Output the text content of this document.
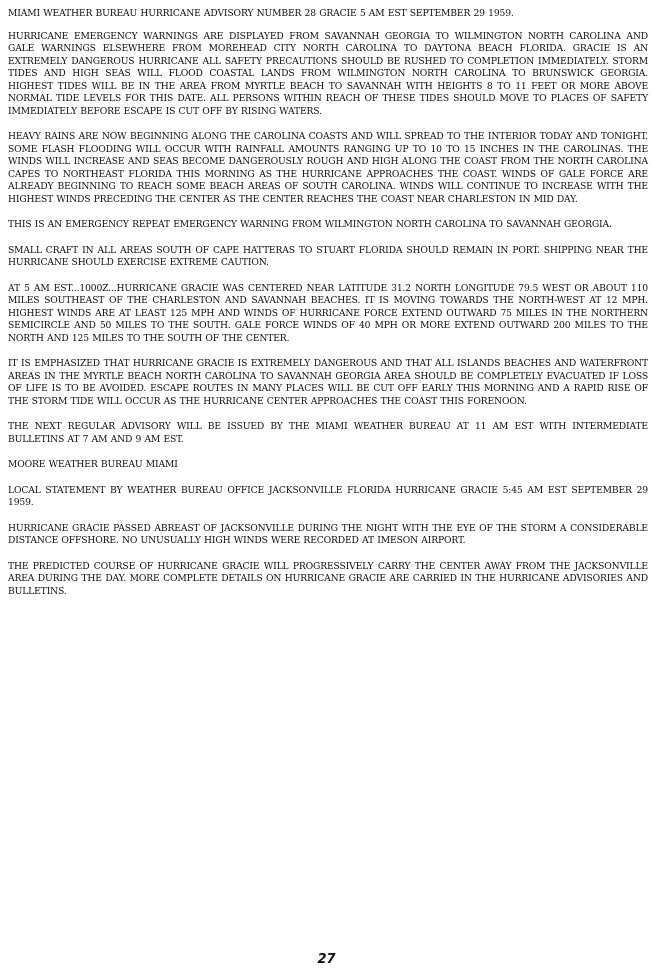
MIAMI WEATHER BUREAU HURRICANE ADVISORY NUMBER 28 GRACIE 5 AM EST SEPTEMBER 29 1959.

HURRICANE EMERGENCY WARNINGS ARE DISPLAYED FROM SAVANNAH GEORGIA TO WILMINGTON NORTH CAROLINA AND GALE WARNINGS ELSEWHERE FROM MOREHEAD CITY NORTH CAROLINA TO DAYTONA BEACH FLORIDA. GRACIE IS AN EXTREMELY DANGEROUS HURRICANE ALL SAFETY PRECAUTIONS SHOULD BE RUSHED TO COMPLETION IMMEDIATELY. STORM TIDES AND HIGH SEAS WILL FLOOD COASTAL LANDS FROM WILMINGTON NORTH CAROLINA TO BRUNSWICK GEORGIA. HIGHEST TIDES WILL BE IN THE AREA FROM MYRTLE BEACH TO SAVANNAH WITH HEIGHTS 8 TO 11 FEET OR MORE ABOVE NORMAL TIDE LEVELS FOR THIS DATE. ALL PERSONS WITHIN REACH OF THESE TIDES SHOULD MOVE TO PLACES OF SAFETY IMMEDIATELY BEFORE ESCAPE IS CUT OFF BY RISING WATERS.

HEAVY RAINS ARE NOW BEGINNING ALONG THE CAROLINA COASTS AND WILL SPREAD TO THE INTERIOR TODAY AND TONIGHT. SOME FLASH FLOODING WILL OCCUR WITH RAINFALL AMOUNTS RANGING UP TO 10 TO 15 INCHES IN THE CAROLINAS. THE WINDS WILL INCREASE AND SEAS BECOME DANGEROUSLY ROUGH AND HIGH ALONG THE COAST FROM THE NORTH CAROLINA CAPES TO NORTHEAST FLORIDA THIS MORNING AS THE HURRICANE APPROACHES THE COAST. WINDS OF GALE FORCE ARE ALREADY BEGINNING TO REACH SOME BEACH AREAS OF SOUTH CAROLINA. WINDS WILL CONTINUE TO INCREASE WITH THE HIGHEST WINDS PRECEDING THE CENTER AS THE CENTER REACHES THE COAST NEAR CHARLESTON IN MID DAY.

THIS IS AN EMERGENCY REPEAT EMERGENCY WARNING FROM WILMINGTON NORTH CAROLINA TO SAVANNAH GEORGIA.

SMALL CRAFT IN ALL AREAS SOUTH OF CAPE HATTERAS TO STUART FLORIDA SHOULD REMAIN IN PORT. SHIPPING NEAR THE HURRICANE SHOULD EXERCISE EXTREME CAUTION.

AT 5 AM EST...1000Z...HURRICANE GRACIE WAS CENTERED NEAR LATITUDE 31.2 NORTH LONGITUDE 79.5 WEST OR ABOUT 110 MILES SOUTHEAST OF THE CHARLESTON AND SAVANNAH BEACHES. IT IS MOVING TOWARDS THE NORTH-WEST AT 12 MPH. HIGHEST WINDS ARE AT LEAST 125 MPH AND WINDS OF HURRICANE FORCE EXTEND OUTWARD 75 MILES IN THE NORTHERN SEMICIRCLE AND 50 MILES TO THE SOUTH. GALE FORCE WINDS OF 40 MPH OR MORE EXTEND OUTWARD 200 MILES TO THE NORTH AND 125 MILES TO THE SOUTH OF THE CENTER.

IT IS EMPHASIZED THAT HURRICANE GRACIE IS EXTREMELY DANGEROUS AND THAT ALL ISLANDS BEACHES AND WATERFRONT AREAS IN THE MYRTLE BEACH NORTH CAROLINA TO SAVANNAH GEORGIA AREA SHOULD BE COMPLETELY EVACUATED IF LOSS OF LIFE IS TO BE AVOIDED. ESCAPE ROUTES IN MANY PLACES WILL BE CUT OFF EARLY THIS MORNING AND A RAPID RISE OF THE STORM TIDE WILL OCCUR AS THE HURRICANE CENTER APPROACHES THE COAST THIS FORENOON.

THE NEXT REGULAR ADVISORY WILL BE ISSUED BY THE MIAMI WEATHER BUREAU AT 11 AM EST WITH INTERMEDIATE BULLETINS AT 7 AM AND 9 AM EST.

MOORE WEATHER BUREAU MIAMI

LOCAL STATEMENT BY WEATHER BUREAU OFFICE JACKSONVILLE FLORIDA HURRICANE GRACIE 5:45 AM EST SEPTEMBER 29 1959.

HURRICANE GRACIE PASSED ABREAST OF JACKSONVILLE DURING THE NIGHT WITH THE EYE OF THE STORM A CONSIDERABLE DISTANCE OFFSHORE. NO UNUSUALLY HIGH WINDS WERE RECORDED AT IMESON AIRPORT.

THE PREDICTED COURSE OF HURRICANE GRACIE WILL PROGRESSIVELY CARRY THE CENTER AWAY FROM THE JACKSONVILLE AREA DURING THE DAY. MORE COMPLETE DETAILS ON HURRICANE GRACIE ARE CARRIED IN THE HURRICANE ADVISORIES AND BULLETINS.

27
